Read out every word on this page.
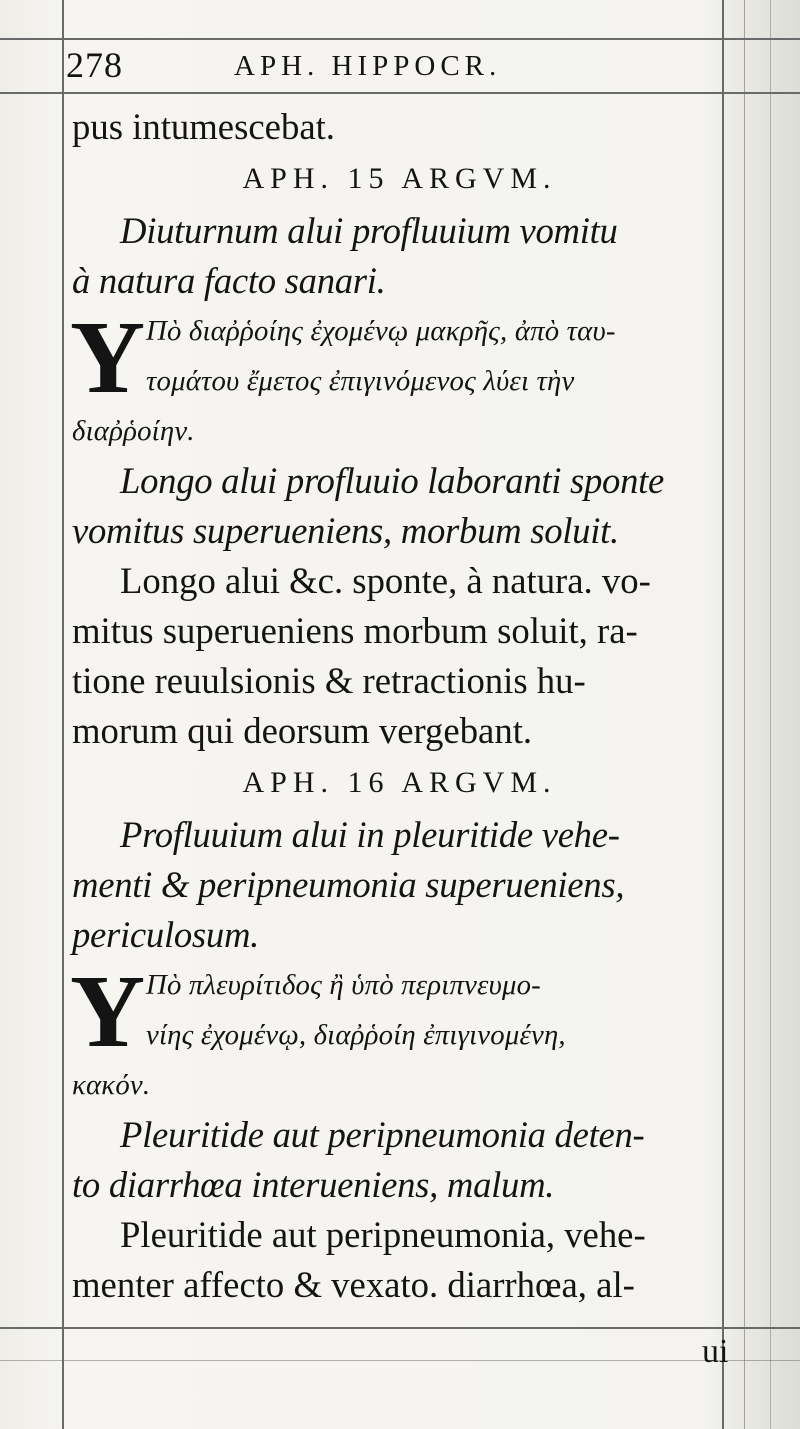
278	APH. HIPPOCR.
pus intumescebat.
APH. 15 ARGVM.
Diuturnum alui profluuium vomitu
à natura facto sanari.
Y Πὸ διαῤῥοίης ἐχομένῳ μακρῆς, ἀπὸ ταυ-
τομάτου ἔμετος ἐπιγινόμενος λύει τὴν
διαῤῥοίην.
Longo alui profluuio laboranti sponte
vomitus superueniens, morbum soluit.
Longo alui &c. sponte, à natura. vo-
mitus superueniens morbum soluit, ra-
tione reuulsionis & retractionis hu-
morum qui deorsum vergebant.
APH. 16 ARGVM.
Profluuium alui in pleuritide vehe-
menti & peripneumonia superueniens,
periculosum.
Y Πὸ πλευρίτιδος ἢ ὑπὸ περιπνευμο-
νίης ἐχομένῳ, διαῤῥοίη ἐπιγινομένη,
κακόν.
Pleuritide aut peripneumonia deten-
to diarrhœa interueniens, malum.
Pleuritide aut peripneumonia, vehe-
menter affecto & vexato. diarrhœa, al-
ui
